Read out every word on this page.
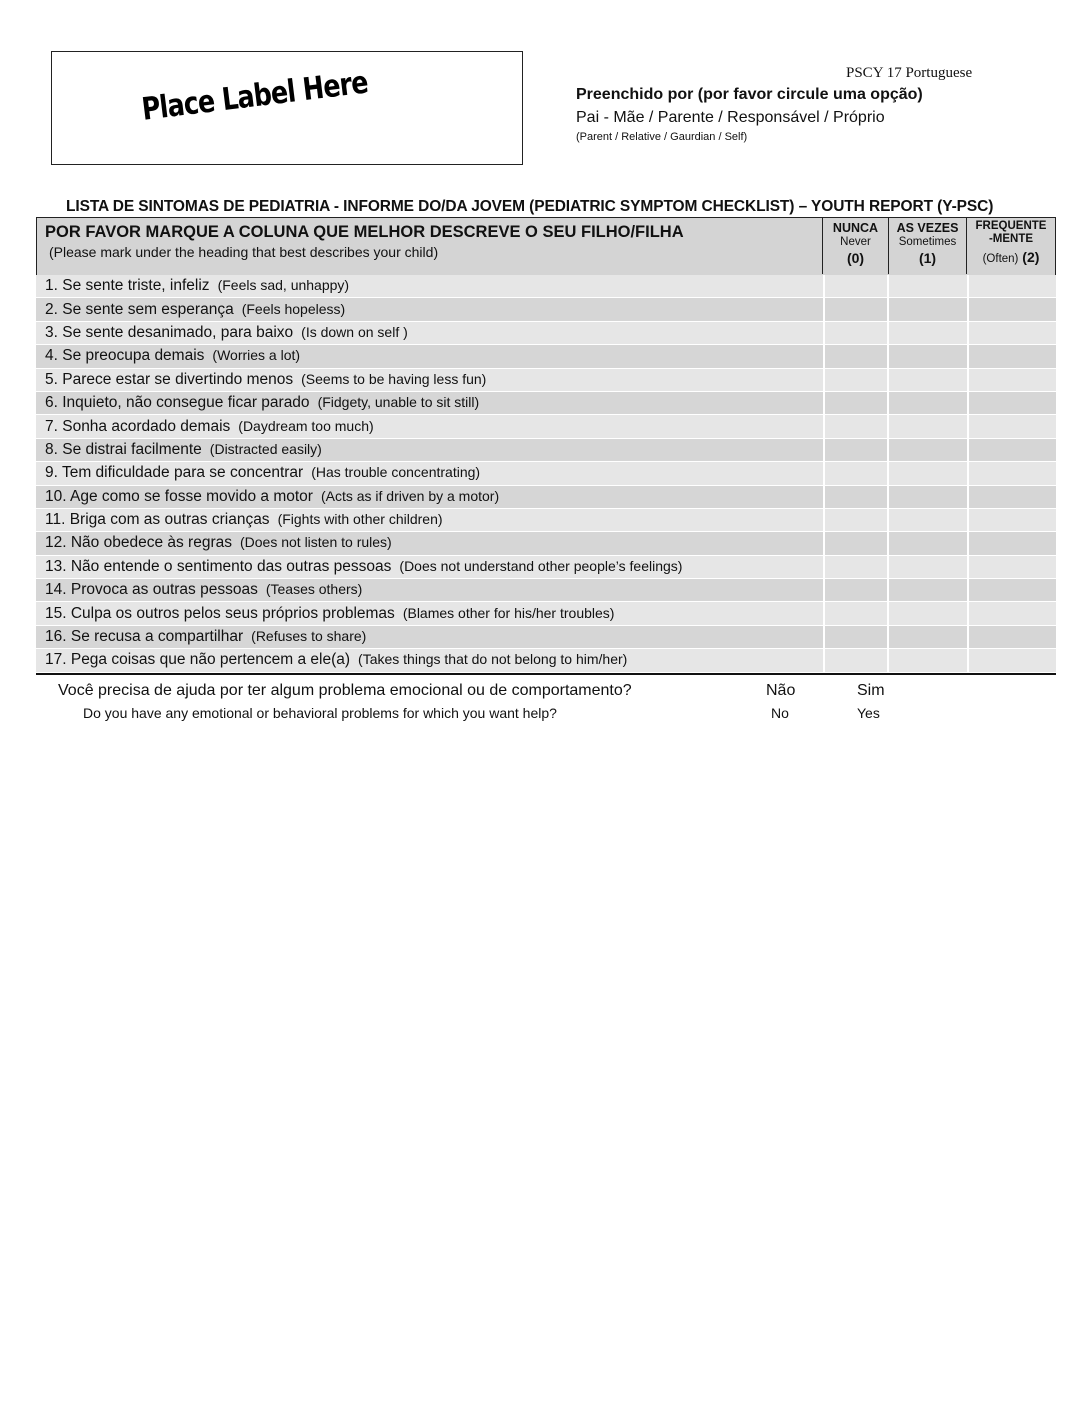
Place Label Here	PSCY 17 Portuguese
Preenchido por (por favor circule uma opção)
Pai - Mãe / Parente / Responsável / Próprio
(Parent / Relative / Gaurdian / Self)
LISTA DE SINTOMAS DE PEDIATRIA - INFORME DO/DA JOVEM (PEDIATRIC SYMPTOM CHECKLIST) – YOUTH REPORT (Y-PSC)
POR FAVOR MARQUE A COLUNA QUE MELHOR DESCREVE O SEU FILHO/FILHA
(Please mark under the heading that best describes your child)
NUNCA
Never
(0)
AS VEZES
Sometimes
(1)
FREQUENTE
-MENTE
(Often) (2)
1. Se sente triste, infeliz (Feels sad, unhappy)
2. Se sente sem esperança (Feels hopeless)
3. Se sente desanimado, para baixo (Is down on self )
4. Se preocupa demais (Worries a lot)
5. Parece estar se divertindo menos (Seems to be having less fun)
6. Inquieto, não consegue ficar parado (Fidgety, unable to sit still)
7. Sonha acordado demais (Daydream too much)
8. Se distrai facilmente (Distracted easily)
9. Tem dificuldade para se concentrar (Has trouble concentrating)
10. Age como se fosse movido a motor (Acts as if driven by a motor)
11. Briga com as outras crianças (Fights with other children)
12. Não obedece às regras (Does not listen to rules)
13. Não entende o sentimento das outras pessoas (Does not understand other people’s feelings)
14. Provoca as outras pessoas (Teases others)
15. Culpa os outros pelos seus próprios problemas (Blames other for his/her troubles)
16. Se recusa a compartilhar (Refuses to share)
17. Pega coisas que não pertencem a ele(a) (Takes things that do not belong to him/her)
Você precisa de ajuda por ter algum problema emocional ou de comportamento?
Do you have any emotional or behavioral problems for which you want help?
Não
No
Sim
Yes
